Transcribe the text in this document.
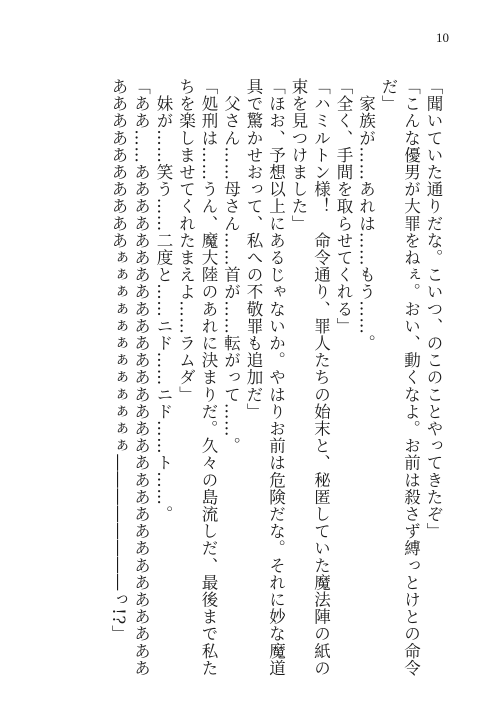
10

「聞いていた通りだな。こいつ、のこのことやってきたぞ」

「こんな優男が大罪をねぇ。おい、動くなよ。お前は殺さず縛っとけとの命令だ」

　家族が……あれは……もう……。

「全く、手間を取らせてくれる」

「ハミルトン様！　命令通り、罪人たちの始末と、秘匿していた魔法陣の紙の束を見つけました」

「ほお、予想以上にあるじゃないか。やはりお前は危険だな。それに妙な魔道具で驚かせおって、私への不敬罪も追加だ」

　父さん……母さん……首が……転がって……。

「処刑は……うん、魔大陸のあれに決まりだ。久々の島流しだ、最後まで私たちを楽しませてくれたまえよ……ラムダ」

　妹が……笑う……二度と……ニド……ニド……ト……。

「ああ……ああああああああああああああああああああああああああああああああああああああああぁぁぁぁぁぁぁぁぁぁぁぁ――――――――っ!?」
